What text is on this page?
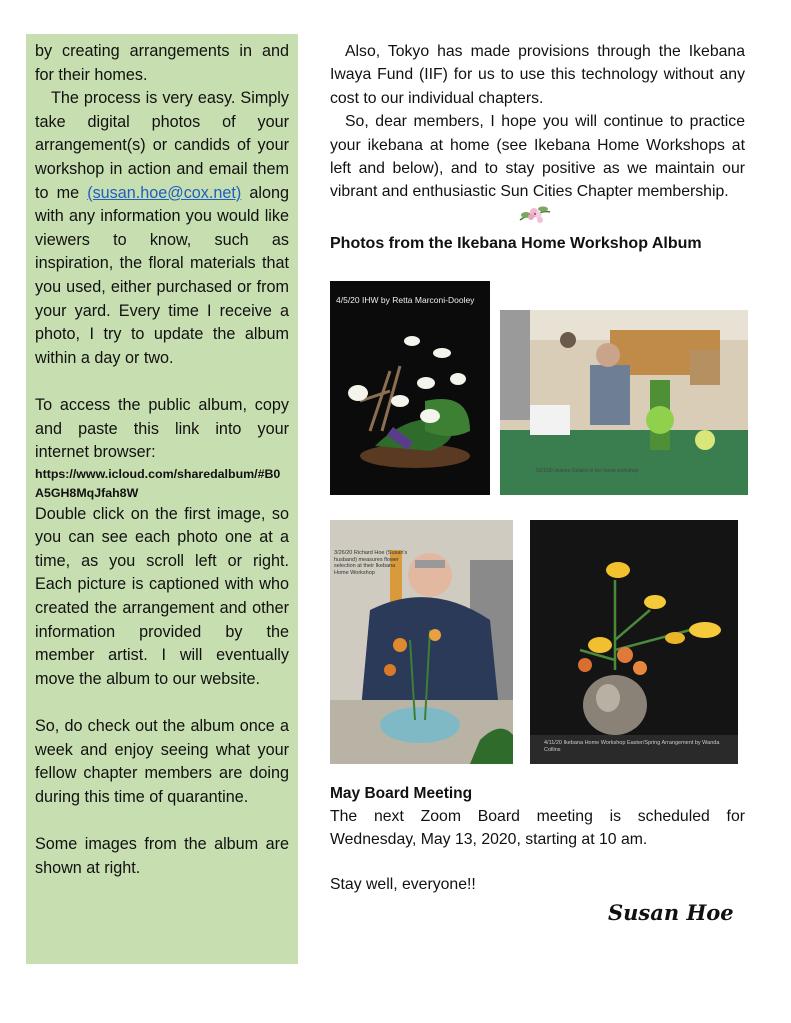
by creating arrangements in and for their homes.

The process is very easy. Simply take digital photos of your arrangement(s) or candids of your workshop in action and email them to me (susan.hoe@cox.net) along with any information you would like viewers to know, such as inspiration, the floral materials that you used, either purchased or from your yard. Every time I receive a photo, I try to update the album within a day or two.

To access the public album, copy and paste this link into your internet browser:

https://www.icloud.com/sharedalbum/#B0A5GH8MqJfah8W

Double click on the first image, so you can see each photo one at a time, as you scroll left or right. Each picture is captioned with who created the arrangement and other information provided by the member artist. I will eventually move the album to our website.

So, do check out the album once a week and enjoy seeing what your fellow chapter members are doing during this time of quarantine.

Some images from the album are shown at right.

Also, Tokyo has made provisions through the Ikebana Iwaya Fund (IIF) for us to use this technology without any cost to our individual chapters.

So, dear members, I hope you will continue to practice your ikebana at home (see Ikebana Home Workshops at left and below), and to stay positive as we maintain our vibrant and enthusiastic Sun Cities Chapter membership.

Photos from the Ikebana Home Workshop Album
4/5/20 IHW by Retta Marconi-Dooley
5/21/20 Jeanne Gelaire in her home workshop
3/26/20 Richard Hoe (Susan's husband) measures flower selection at their Ikebana Home Workshop
4/11/20 Ikebana Home Workshop Easter/Spring Arrangement by Wanda Collins
May Board Meeting
The next Zoom Board meeting is scheduled for Wednesday, May 13, 2020, starting at 10 am.
Stay well, everyone!!
Susan Hoe
